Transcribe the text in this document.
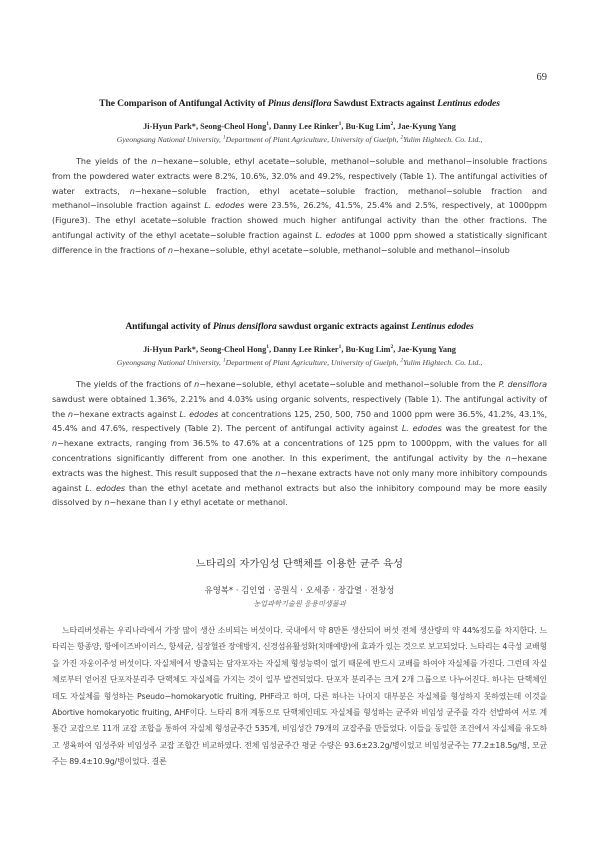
69
The Comparison of Antifungal Activity of Pinus densiflora Sawdust Extracts against Lentinus edodes
Ji-Hyun Park*, Seong-Cheol Hong$^1$, Danny Lee Rinker$^1$, Bu-Kug Lim$^2$, Jae-Kyung Yang
Gyeongsang National University, $^1$Department of Plant Agriculture, University of Guelph, $^2$Yulim Hightech. Co. Ltd.,
The yields of the n−hexane−soluble, ethyl acetate−soluble, methanol−soluble and methanol−insoluble fractions from the powdered water extracts were 8.2%, 10.6%, 32.0% and 49.2%, respectively (Table 1). The antifungal activities of water extracts, n−hexane−soluble fraction, ethyl acetate−soluble fraction, methanol−soluble fraction and methanol−insoluble fraction against L. edodes were 23.5%, 26.2%, 41.5%, 25.4% and 2.5%, respectively, at 1000ppm (Figure3). The ethyl acetate−soluble fraction showed much higher antifungal activity than the other fractions. The antifungal activity of the ethyl acetate−soluble fraction against L. edodes at 1000 ppm showed a statistically significant difference in the fractions of n−hexane−soluble, ethyl acetate−soluble, methanol−soluble and methanol−insolub
Antifungal activity of Pinus densiflora sawdust organic extracts against Lentinus edodes
Ji-Hyun Park*, Seong-Cheol Hong$^1$, Danny Lee Rinker$^1$, Bu-Kug Lim$^2$, Jae-Kyung Yang
Gyeongsang National University, $^1$Department of Plant Agriculture, University of Guelph, $^2$Yulim Hightech. Co. Ltd.,
The yields of the fractions of n−hexane−soluble, ethyl acetate−soluble and methanol−soluble from the P. densiflora sawdust were obtained 1.36%, 2.21% and 4.03% using organic solvents, respectively (Table 1). The antifungal activity of the n−hexane extracts against L. edodes at concentrations 125, 250, 500, 750 and 1000 ppm were 36.5%, 41.2%, 43.1%, 45.4% and 47.6%, respectively (Table 2). The percent of antifungal activity against L. edodes was the greatest for the n−hexane extracts, ranging from 36.5% to 47.6% at a concentrations of 125 ppm to 1000ppm, with the values for all concentrations significantly different from one another. In this experiment, the antifungal activity by the n−hexane extracts was the highest. This result supposed that the n−hexane extracts have not only many more inhibitory compounds against L. edodes than the ethyl acetate and methanol extracts but also the inhibitory compound may be more easily dissolved by n−hexane than l y ethyl acetate or methanol.
느타리의 자가임성 단핵체를 이용한 균주 육성
유영복* · 김인엽 · 공원식 · 오세종 · 장갑열 · 전창성
농업과학기술원 응용미생물과
느타리버섯류는 우리나라에서 가장 많이 생산 소비되는 버섯이다. 국내에서 약 8만톤 생산되어 버섯 전체 생산량의 약 44%정도를 차지한다. 느타리는 항종양, 항에이즈바이러스, 항세균, 심장혈관 장애방지, 신경섬유활성화(치매예방)에 효과가 있는 것으로 보고되었다. 느타리는 4극성 교배형을 가진 자웅이주성 버섯이다. 자실체에서 방출되는 담자포자는 자실체 형성능력이 없기 때문에 반드시 교배를 하여야 자실체를 가진다. 그런데 자실체로부터 얻어진 단포자분리주 단핵체도 자실체를 가지는 것이 일부 발견되었다. 단포자 분리주는 크게 2개 그룹으로 나누어진다. 하나는 단핵체인데도 자실체를 형성하는 Pseudo−homokaryotic fruiting, PHF라고 하며, 다른 하나는 나머지 대부분은 자실체를 형성하지 못하였는데 이것을 Abortive homokaryotic fruiting, AHF이다. 느타리 8개 계통으로 단핵체인데도 자실체를 형성하는 균주와 비임성 균주를 각각 선발하여 서로 계통간 교잡으로 11개 교잡 조합을 통하여 자실체 형성균주간 535계, 비임성간 79개의 교잡주를 만들었다. 이들을 동일한 조건에서 자실체를 유도하고 생육하여 임성주와 비임성주 교잡 조합간 비교하였다. 전체 임성균주간 평균 수량은 93.6±23.2g/병이었고 비임성균주는 77.2±18.5g/병, 모균주는 89.4±10.9g/병이었다. 결론
